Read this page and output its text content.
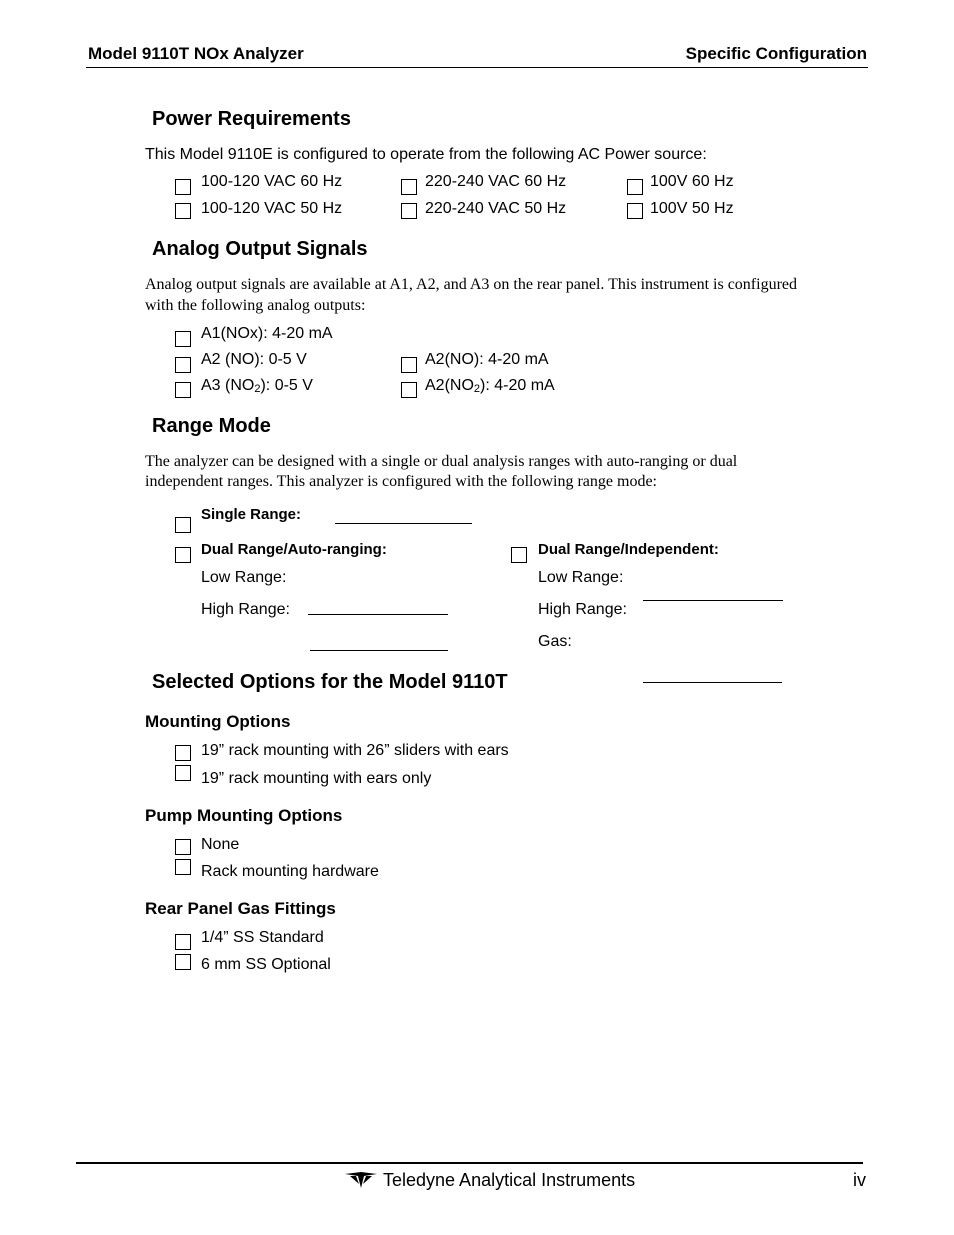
Model 9110T NOx Analyzer	Specific Configuration
Power Requirements
This Model 9110E is configured to operate from the following AC Power source:
100-120 VAC 60 Hz	220-240 VAC 60 Hz	100V 60 Hz
100-120 VAC 50 Hz	220-240 VAC 50 Hz	100V 50 Hz
Analog Output Signals
Analog output signals are available at A1, A2, and A3 on the rear panel. This instrument is configured
with the following analog outputs:
A1(NOx): 4-20 mA
A2 (NO): 0-5 V	A2(NO): 4-20 mA
A3 $(NO_2)$: 0-5 V	$A2(NO_2)$: 4-20 mA
Range Mode
The analyzer can be designed with a single or dual analysis ranges with auto-ranging or dual
independent ranges. This analyzer is configured with the following range mode:
Single Range:
Dual Range/Auto-ranging:	Dual Range/Independent:
Low Range:	Low Range:
High Range:	High Range:
Gas:
Selected Options for the Model 9110T
Mounting Options
19” rack mounting with 26” sliders with ears
19” rack mounting with ears only
Pump Mounting Options
None
Rack mounting hardware
Rear Panel Gas Fittings
1/4” SS Standard
6 mm SS Optional
Teledyne Analytical Instruments	iv
